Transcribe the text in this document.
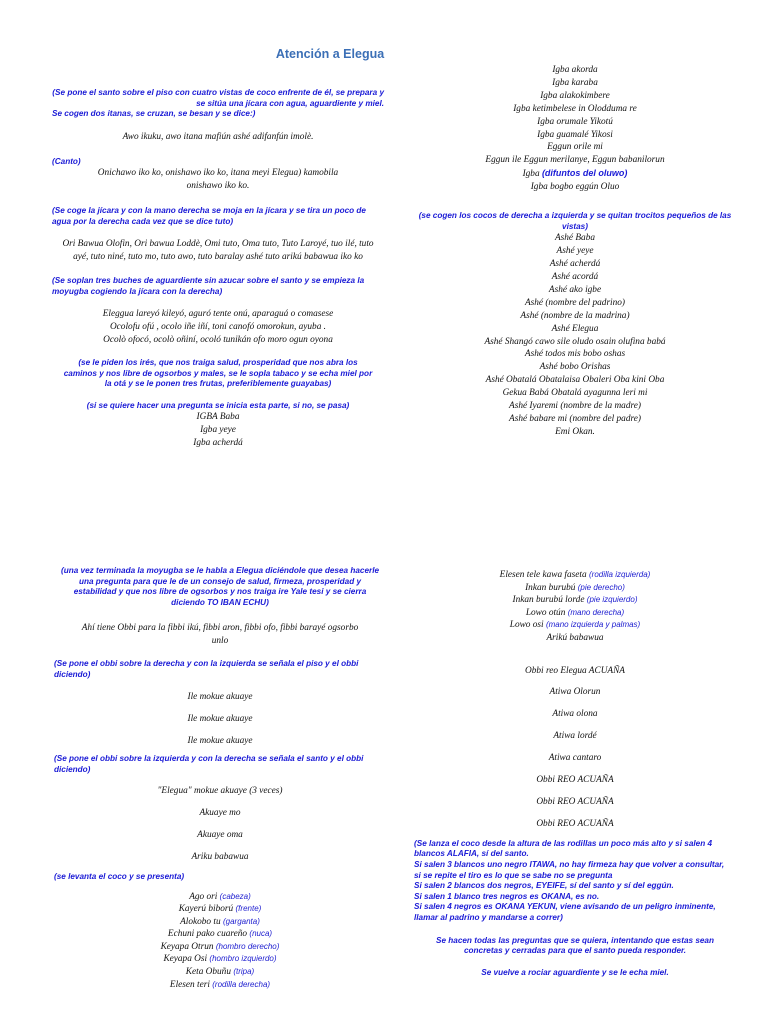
Atención a Elegua
(Se pone el santo sobre el piso con cuatro vistas de coco enfrente de él, se prepara y se sitúa una jícara con agua, aguardiente y miel.
Se cogen dos itanas, se cruzan, se besan y se dice:)
Awo ikuku, awo itana mafiún ashé adifanfún imolè.
(Canto)
Onichawo iko ko, onishawo iko ko, itana meyi Elegua) kamobila onishawo iko ko.
(Se coge la jícara y con la mano derecha se moja en la jícara y se tira un poco de agua por la derecha cada vez que se dice tuto)
Ori Bawua Olofin, Ori bawua Loddè, Omi tuto, Oma tuto, Tuto Laroyé, tuo ilé, tuto ayé, tuto niné, tuto mo, tuto awo, tuto baralay ashé tuto arikú babawua iko ko
(Se soplan tres buches de aguardiente sin azucar sobre el santo y se empieza la moyugba cogiendo la jícara con la derecha)
Eleggua lareyó kileyó, aguró tente onú, aparaguá o comasese
Ocolofu ofú , ocolo iñe iñí, toni canofó omorokun, ayuba .
Ocolò ofocó, ocolò oñiní, ocoló tunikán ofo moro ogun oyona
(se le piden los irés, que nos traiga salud, prosperidad que nos abra los caminos y nos libre de ogsorbos y males, se le sopla tabaco y se echa miel por la otá y se le ponen tres frutas, preferiblemente guayabas)
(si se quiere hacer una pregunta se inicia esta parte, si no, se pasa)
IGBA Baba
Igba yeye
Igba acherdá
Igba akorda
Igba karaba
Igba alakokimbere
Igba ketimbelese in Olodduma re
Igba orumale Yikotú
Igba guamalé Yikosi
Eggun orile mi
Eggun ile Eggun merilanye, Eggun babanilorun
Igba (difuntos del oluwo)
Igba bogbo eggún Oluo
(se cogen los cocos de derecha a izquierda y se quitan trocitos pequeños de las vistas)
Ashé Baba
Ashé yeye
Ashé acherdá
Ashé acordá
Ashé ako igbe
Ashé (nombre del padrino)
Ashé (nombre de la madrina)
Ashé Elegua
Ashé Shangó cawo sile oludo osain olufina babá
Ashé todos mis bobo oshas
Ashé bobo Orishas
Ashé Obatalá Obatalaisa Obaleri Oba kini Oba
Gekua Babá Obatalá ayagunna leri mi
Ashé Iyaremi (nombre de la madre)
Ashé babare mi (nombre del padre)
Emi Okan.
(una vez terminada la moyugba se le habla a Elegua diciéndole que desea hacerle una pregunta para que le de un consejo de salud, firmeza, prosperidad y estabilidad y que nos libre de ogsorbos y nos traiga ire Yale tesi y se cierra diciendo TO IBAN ECHU)
Ahí tiene Obbi para la fibbi ikú, fibbi aron, fibbi ofo, fibbi barayé ogsorbo unlo
(Se pone el obbi sobre la derecha y con la izquierda se señala el piso y el obbi diciendo)
Ile mokue akuaye
Ile mokue akuaye
Ile mokue akuaye
(Se pone el obbi sobre la izquierda y con la derecha se señala el santo y el obbi diciendo)
"Elegua" mokue akuaye (3 veces)
Akuaye mo
Akuaye oma
Ariku babawua
(se levanta el coco y se presenta)
Ago ori (cabeza)
Kayerú biború (frente)
Alokobo tu (garganta)
Echuni pako cuareño (nuca)
Keyapa Otrun (hombro derecho)
Keyapa Osi (hombro izquierdo)
Keta Obuñu (tripa)
Elesen teri (rodilla derecha)
Elesen tele kawa faseta (rodilla izquierda)
Inkan burubú (pie derecho)
Inkan burubú lorde (pie izquierdo)
Lowo otún (mano derecha)
Lowo osi (mano izquierda y palmas)
Arikú babawua
Obbi reo Elegua ACUAÑA
Atiwa Olorun
Atiwa olona
Atiwa lordé
Atiwa cantaro
Obbi REO ACUAÑA
Obbi REO ACUAÑA
Obbi REO ACUAÑA
(Se lanza el coco desde la altura de las rodillas un poco más alto y si salen 4
blancos ALAFIA, sí del santo.
Si salen 3 blancos uno negro ITAWA, no hay firmeza hay que volver a consultar,
si se repite el tiro es lo que se sabe no se pregunta
Si salen 2 blancos dos negros, EYEIFE, sí del santo y sí del eggún.
Si salen 1 blanco tres negros es OKANA, es no.
Si salen 4 negros es OKANA YEKUN, viene avisando de un peligro inminente,
llamar al padrino y mandarse a correr)
Se hacen todas las preguntas que se quiera, intentando que estas sean concretas y cerradas para que el santo pueda responder.
Se vuelve a rociar aguardiente y se le echa miel.
